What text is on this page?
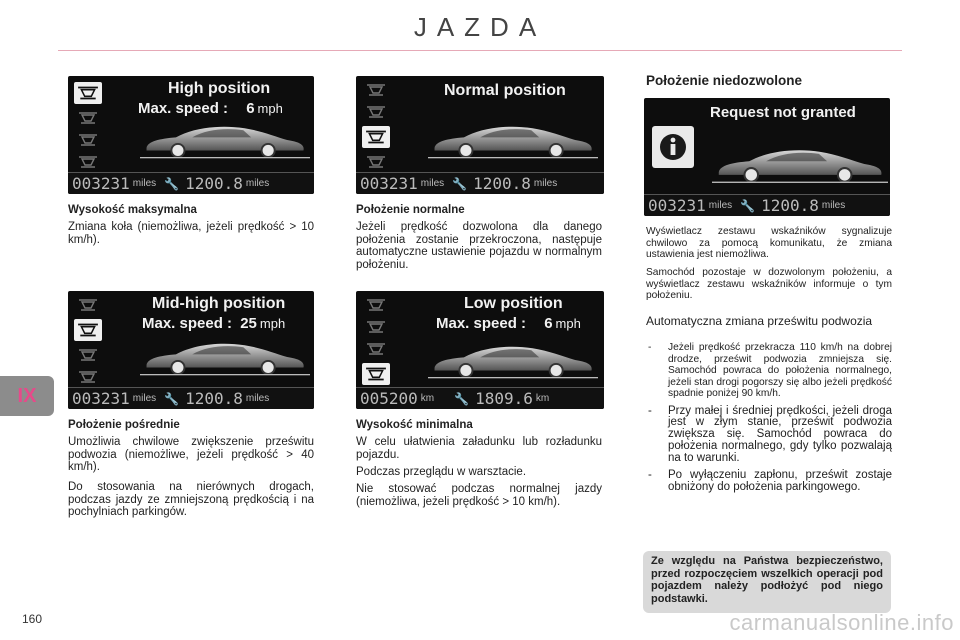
JAZDA
IX
160
High position
Max. speed : 6 mph
003231 miles 🔧 1200.8 miles
Normal position
003231 miles 🔧 1200.8 miles
Wysokość maksymalna
Zmiana koła (niemożliwa, jeżeli prędkość > 10 km/h).
Położenie normalne
Jeżeli prędkość dozwolona dla danego położenia zostanie przekroczona, następuje automatyczne ustawienie pojazdu w normalnym położeniu.
Mid-high position
Max. speed : 25 mph
003231 miles 🔧 1200.8 miles
Low position
Max. speed : 6 mph
005200 km 🔧 1809.6 km
Położenie pośrednie
Umożliwia chwilowe zwiększenie prześwitu podwozia (niemożliwe, jeżeli prędkość > 40 km/h).
Do stosowania na nierównych drogach, podczas jazdy ze zmniejszoną prędkością i na pochylniach parkingów.
Wysokość minimalna
W celu ułatwienia załadunku lub rozładunku pojazdu.
Podczas przeglądu w warsztacie.
Nie stosować podczas normalnej jazdy (niemożliwa, jeżeli prędkość > 10 km/h).
Położenie niedozwolone
Request not granted
003231 miles 🔧 1200.8 miles
Wyświetlacz zestawu wskaźników sygnalizuje chwilowo za pomocą komunikatu, że zmiana ustawienia jest niemożliwa.
Samochód pozostaje w dozwolonym położeniu, a wyświetlacz zestawu wskaźników informuje o tym położeniu.
Automatyczna zmiana prześwitu podwozia
- Jeżeli prędkość przekracza 110 km/h na dobrej drodze, prześwit podwozia zmniejsza się. Samochód powraca do położenia normalnego, jeżeli stan drogi pogorszy się albo jeżeli prędkość spadnie poniżej 90 km/h.
- Przy małej i średniej prędkości, jeżeli droga jest w złym stanie, prześwit podwozia zwiększa się. Samochód powraca do położenia normalnego, gdy tylko pozwalają na to warunki.
- Po wyłączeniu zapłonu, prześwit zostaje obniżony do położenia parkingowego.
Ze względu na Państwa bezpieczeństwo, przed rozpoczęciem wszelkich operacji pod pojazdem należy podłożyć pod niego podstawki.
carmanualsonline.info
